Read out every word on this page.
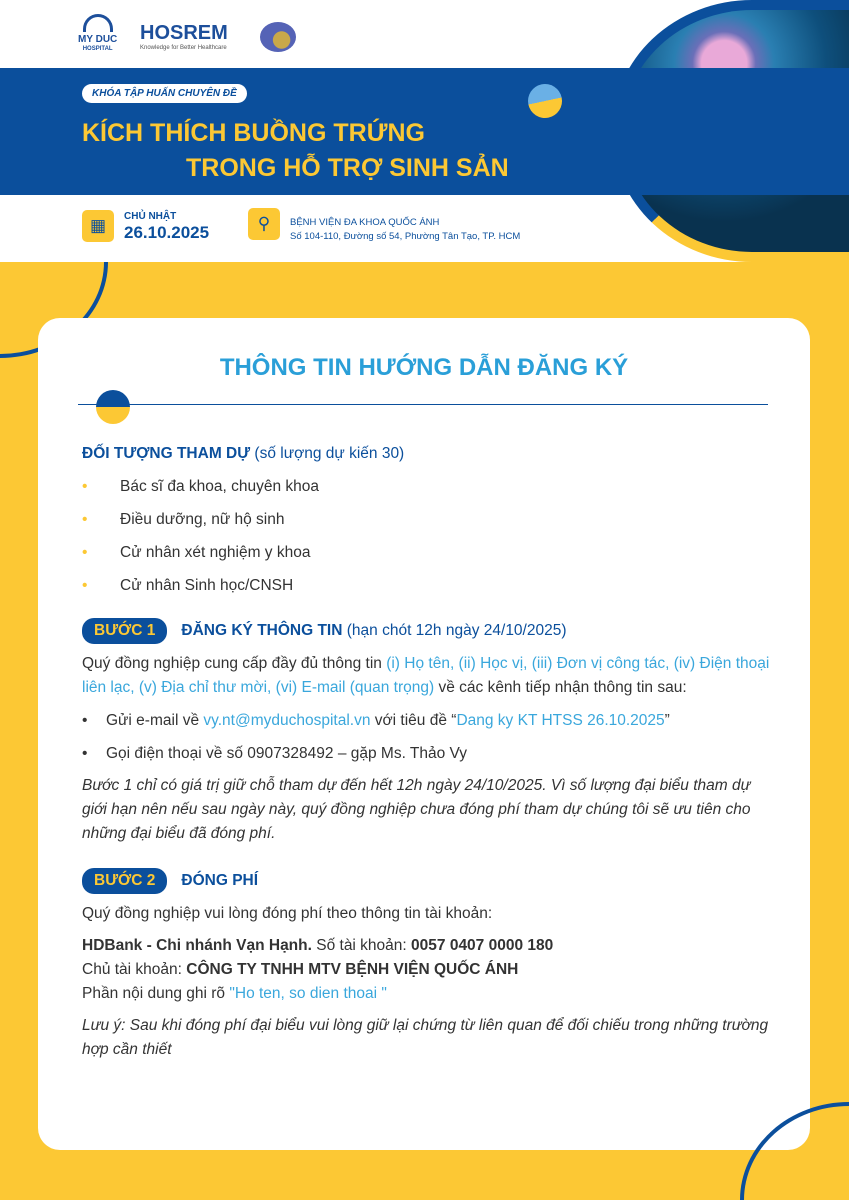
MY DUC
HOSPITAL
HOSREM
Knowledge for Better Healthcare
KHÓA TẬP HUẤN CHUYÊN ĐỀ
KÍCH THÍCH BUỒNG TRỨNG
TRONG HỖ TRỢ SINH SẢN
▦	CHỦ NHẬT
26.10.2025	⚲	BỆNH VIỆN ĐA KHOA QUỐC ÁNH
Số 104-110, Đường số 54, Phường Tân Tạo, TP. HCM
THÔNG TIN HƯỚNG DẪN ĐĂNG KÝ
ĐỐI TƯỢNG THAM DỰ (số lượng dự kiến 30)
• Bác sĩ đa khoa, chuyên khoa
• Điều dưỡng, nữ hộ sinh
• Cử nhân xét nghiệm y khoa
• Cử nhân Sinh học/CNSH
BƯỚC 1	ĐĂNG KÝ THÔNG TIN (hạn chót 12h ngày 24/10/2025)

Quý đồng nghiệp cung cấp đầy đủ thông tin (i) Họ tên, (ii) Học vị, (iii) Đơn vị công tác, (iv) Điện thoại liên lạc, (v) Địa chỉ thư mời, (vi) E-mail (quan trọng) về các kênh tiếp nhận thông tin sau:

• Gửi e-mail về vy.nt@myduchospital.vn với tiêu đề “Dang ky KT HTSS 26.10.2025”
• Gọi điện thoại về số 0907328492 – gặp Ms. Thảo Vy

Bước 1 chỉ có giá trị giữ chỗ tham dự đến hết 12h ngày 24/10/2025. Vì số lượng đại biểu tham dự giới hạn nên nếu sau ngày này, quý đồng nghiệp chưa đóng phí tham dự chúng tôi sẽ ưu tiên cho những đại biểu đã đóng phí.

BƯỚC 2	ĐÓNG PHÍ

Quý đồng nghiệp vui lòng đóng phí theo thông tin tài khoản:

HDBank - Chi nhánh Vạn Hạnh. Số tài khoản: 0057 0407 0000 180
Chủ tài khoản: CÔNG TY TNHH MTV BỆNH VIỆN QUỐC ÁNH
Phần nội dung ghi rõ "Ho ten, so dien thoai "

Lưu ý: Sau khi đóng phí đại biểu vui lòng giữ lại chứng từ liên quan để đối chiếu trong những trường hợp cần thiết
